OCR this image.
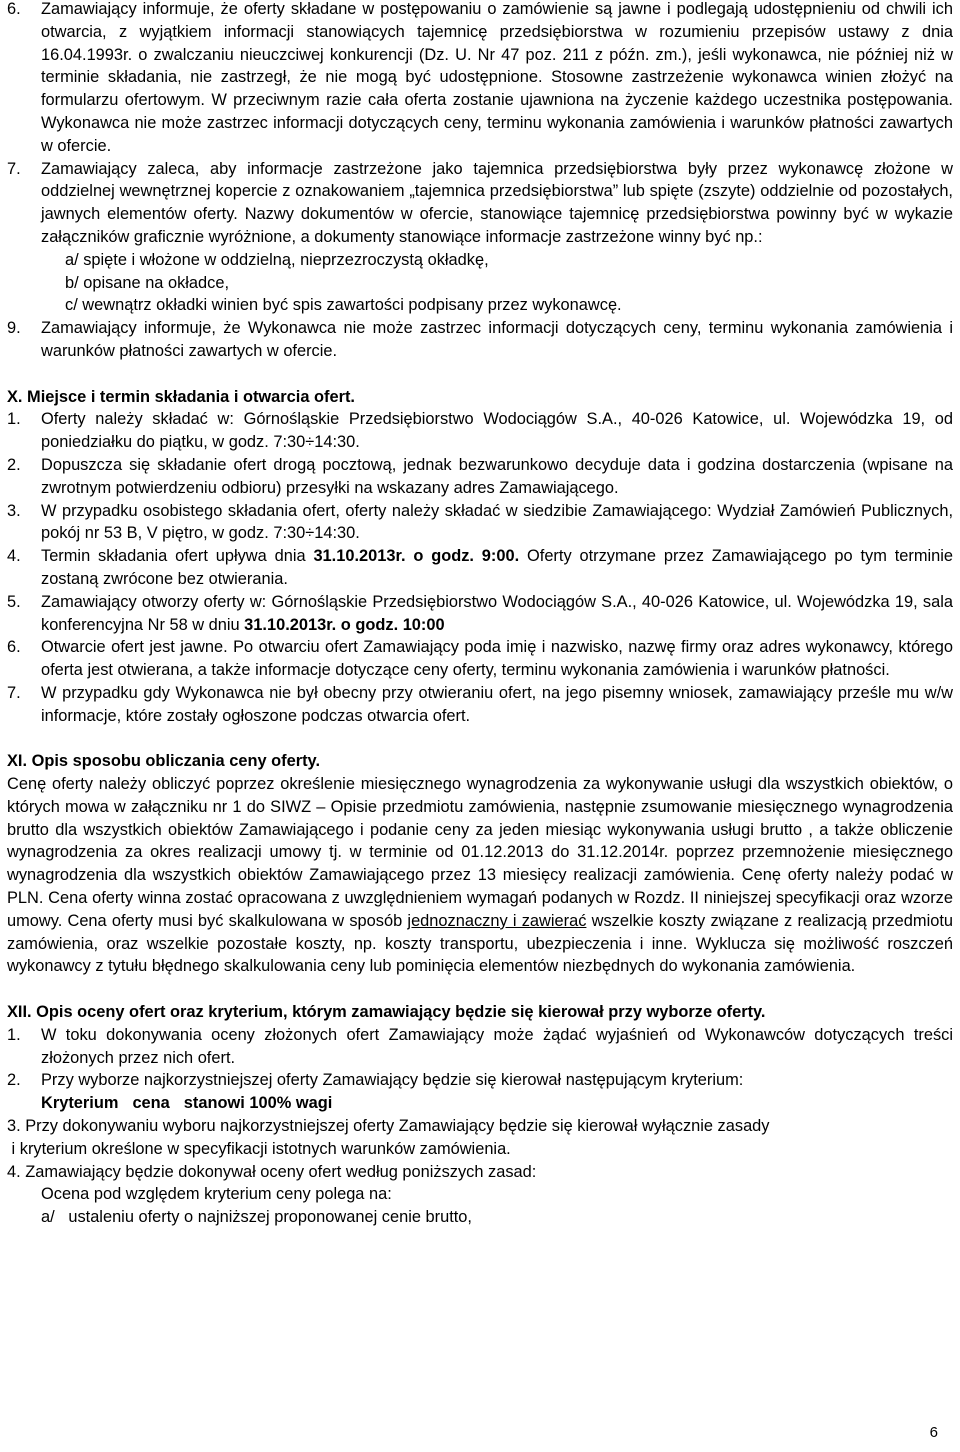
6. Zamawiający informuje, że oferty składane w postępowaniu o zamówienie są jawne i podlegają udostępnieniu od chwili ich otwarcia, z wyjątkiem informacji stanowiących tajemnicę przedsiębiorstwa w rozumieniu przepisów ustawy z dnia 16.04.1993r. o zwalczaniu nieuczciwej konkurencji (Dz. U. Nr 47 poz. 211 z późn. zm.), jeśli wykonawca, nie później niż w terminie składania, nie zastrzegł, że nie mogą być udostępnione. Stosowne zastrzeżenie wykonawca winien złożyć na formularzu ofertowym. W przeciwnym razie cała oferta zostanie ujawniona na życzenie każdego uczestnika postępowania. Wykonawca nie może zastrzec informacji dotyczących ceny, terminu wykonania zamówienia i warunków płatności zawartych w ofercie.
7. Zamawiający zaleca, aby informacje zastrzeżone jako tajemnica przedsiębiorstwa były przez wykonawcę złożone w oddzielnej wewnętrznej kopercie z oznakowaniem „tajemnica przedsiębiorstwa” lub spięte (zszyte) oddzielnie od pozostałych, jawnych elementów oferty. Nazwy dokumentów w ofercie, stanowiące tajemnicę przedsiębiorstwa powinny być w wykazie załączników graficznie wyróżnione, a dokumenty stanowiące informacje zastrzeżone winny być np.:
a/ spięte i włożone w oddzielną, nieprzezroczystą okładkę,
b/ opisane na okładce,
c/ wewnątrz okładki winien być spis zawartości podpisany przez wykonawcę.
9. Zamawiający informuje, że Wykonawca nie może zastrzec informacji dotyczących ceny, terminu wykonania zamówienia i warunków płatności zawartych w ofercie.
X. Miejsce i termin składania i otwarcia ofert.
1. Oferty należy składać w: Górnośląskie Przedsiębiorstwo Wodociągów S.A., 40-026 Katowice, ul. Wojewódzka 19, od poniedziałku do piątku, w godz. 7:30÷14:30.
2. Dopuszcza się składanie ofert drogą pocztową, jednak bezwarunkowo decyduje data i godzina dostarczenia (wpisane na zwrotnym potwierdzeniu odbioru) przesyłki na wskazany adres Zamawiającego.
3. W przypadku osobistego składania ofert, oferty należy składać w siedzibie Zamawiającego: Wydział Zamówień Publicznych, pokój nr 53 B, V piętro, w godz. 7:30÷14:30.
4. Termin składania ofert upływa dnia 31.10.2013r. o godz. 9:00. Oferty otrzymane przez Zamawiającego po tym terminie zostaną zwrócone bez otwierania.
5. Zamawiający otworzy oferty w: Górnośląskie Przedsiębiorstwo Wodociągów S.A., 40-026 Katowice, ul. Wojewódzka 19, sala konferencyjna Nr 58 w dniu 31.10.2013r. o godz. 10:00
6. Otwarcie ofert jest jawne. Po otwarciu ofert Zamawiający poda imię i nazwisko, nazwę firmy oraz adres wykonawcy, którego oferta jest otwierana, a także informacje dotyczące ceny oferty, terminu wykonania zamówienia i warunków płatności.
7. W przypadku gdy Wykonawca nie był obecny przy otwieraniu ofert, na jego pisemny wniosek, zamawiający prześle mu w/w informacje, które zostały ogłoszone podczas otwarcia ofert.
XI. Opis sposobu obliczania ceny oferty.
Cenę oferty należy obliczyć poprzez określenie miesięcznego wynagrodzenia za wykonywanie usługi dla wszystkich obiektów, o których mowa w załączniku nr 1 do SIWZ – Opisie przedmiotu zamówienia, następnie zsumowanie miesięcznego wynagrodzenia brutto dla wszystkich obiektów Zamawiającego i podanie ceny za jeden miesiąc wykonywania usługi brutto , a także obliczenie wynagrodzenia za okres realizacji umowy tj. w terminie od 01.12.2013 do 31.12.2014r. poprzez przemnożenie miesięcznego wynagrodzenia dla wszystkich obiektów Zamawiającego przez 13 miesięcy realizacji zamówienia. Cenę oferty należy podać w PLN. Cena oferty winna zostać opracowana z uwzględnieniem wymagań podanych w Rozdz. II niniejszej specyfikacji oraz wzorze umowy. Cena oferty musi być skalkulowana w sposób jednoznaczny i zawierać wszelkie koszty związane z realizacją przedmiotu zamówienia, oraz wszelkie pozostałe koszty, np. koszty transportu, ubezpieczenia i inne. Wyklucza się możliwość roszczeń wykonawcy z tytułu błędnego skalkulowania ceny lub pominięcia elementów niezbędnych do wykonania zamówienia.
XII. Opis oceny ofert oraz kryterium, którym zamawiający będzie się kierował przy wyborze oferty.
1. W toku dokonywania oceny złożonych ofert Zamawiający może żądać wyjaśnień od Wykonawców dotyczących treści złożonych przez nich ofert.
2. Przy wyborze najkorzystniejszej oferty Zamawiający będzie się kierował następującym kryterium:
Kryterium cena stanowi 100% wagi
3. Przy dokonywaniu wyboru najkorzystniejszej oferty Zamawiający będzie się kierował wyłącznie zasady
i kryterium określone w specyfikacji istotnych warunków zamówienia.
4. Zamawiający będzie dokonywał oceny ofert według poniższych zasad:
Ocena pod względem kryterium ceny polega na:
a/   ustaleniu oferty o najniższej proponowanej cenie brutto,
6
